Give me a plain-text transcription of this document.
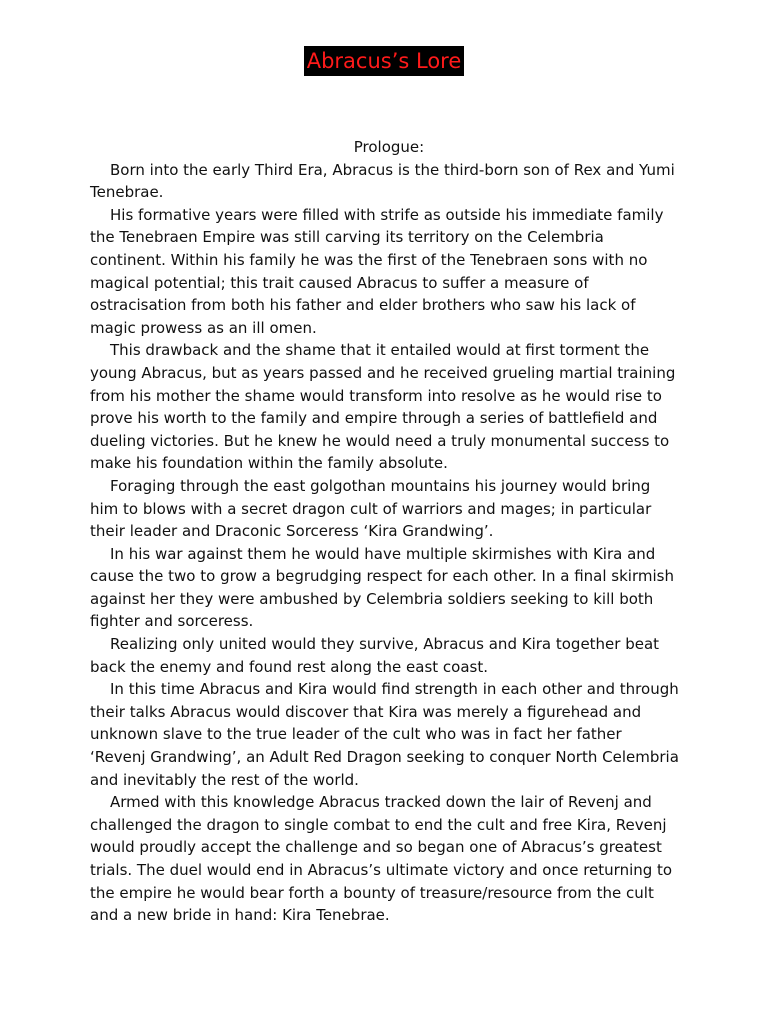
Abracus’s Lore

Prologue:

Born into the early Third Era, Abracus is the third-born son of Rex and Yumi Tenebrae.

His formative years were filled with strife as outside his immediate family the Tenebraen Empire was still carving its territory on the Celembria continent. Within his family he was the first of the Tenebraen sons with no magical potential; this trait caused Abracus to suffer a measure of ostracisation from both his father and elder brothers who saw his lack of magic prowess as an ill omen.

This drawback and the shame that it entailed would at first torment the young Abracus, but as years passed and he received grueling martial training from his mother the shame would transform into resolve as he would rise to prove his worth to the family and empire through a series of battlefield and dueling victories. But he knew he would need a truly monumental success to make his foundation within the family absolute.

Foraging through the east golgothan mountains his journey would bring him to blows with a secret dragon cult of warriors and mages; in particular their leader and Draconic Sorceress ‘Kira Grandwing’.

In his war against them he would have multiple skirmishes with Kira and cause the two to grow a begrudging respect for each other. In a final skirmish against her they were ambushed by Celembria soldiers seeking to kill both fighter and sorceress.

Realizing only united would they survive, Abracus and Kira together beat back the enemy and found rest along the east coast.

In this time Abracus and Kira would find strength in each other and through their talks Abracus would discover that Kira was merely a figurehead and unknown slave to the true leader of the cult who was in fact her father ‘Revenj Grandwing’, an Adult Red Dragon seeking to conquer North Celembria and inevitably the rest of the world.

Armed with this knowledge Abracus tracked down the lair of Revenj and challenged the dragon to single combat to end the cult and free Kira, Revenj would proudly accept the challenge and so began one of Abracus’s greatest trials. The duel would end in Abracus’s ultimate victory and once returning to the empire he would bear forth a bounty of treasure/resource from the cult and a new bride in hand: Kira Tenebrae.
